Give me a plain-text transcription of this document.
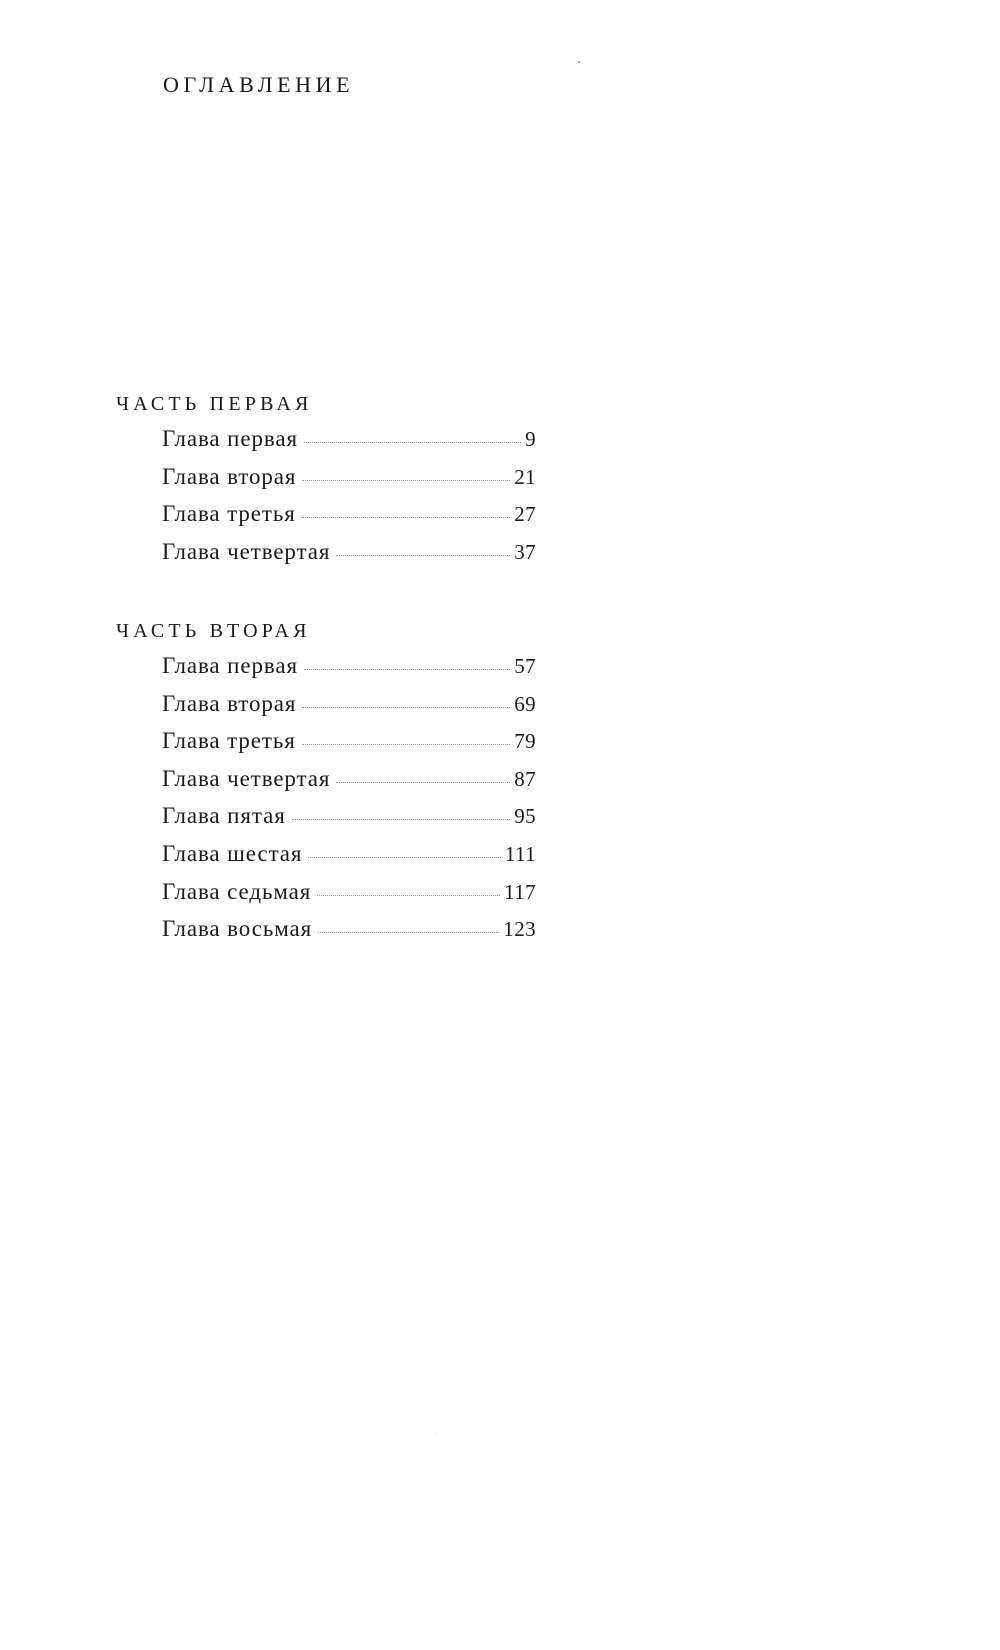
ОГЛАВЛЕНИЕ
ЧАСТЬ ПЕРВАЯ
Глава первая	9
Глава вторая	21
Глава третья	27
Глава четвертая	37
ЧАСТЬ ВТОРАЯ
Глава первая	57
Глава вторая	69
Глава третья	79
Глава четвертая	87
Глава пятая	95
Глава шестая	111
Глава седьмая	117
Глава восьмая	123
